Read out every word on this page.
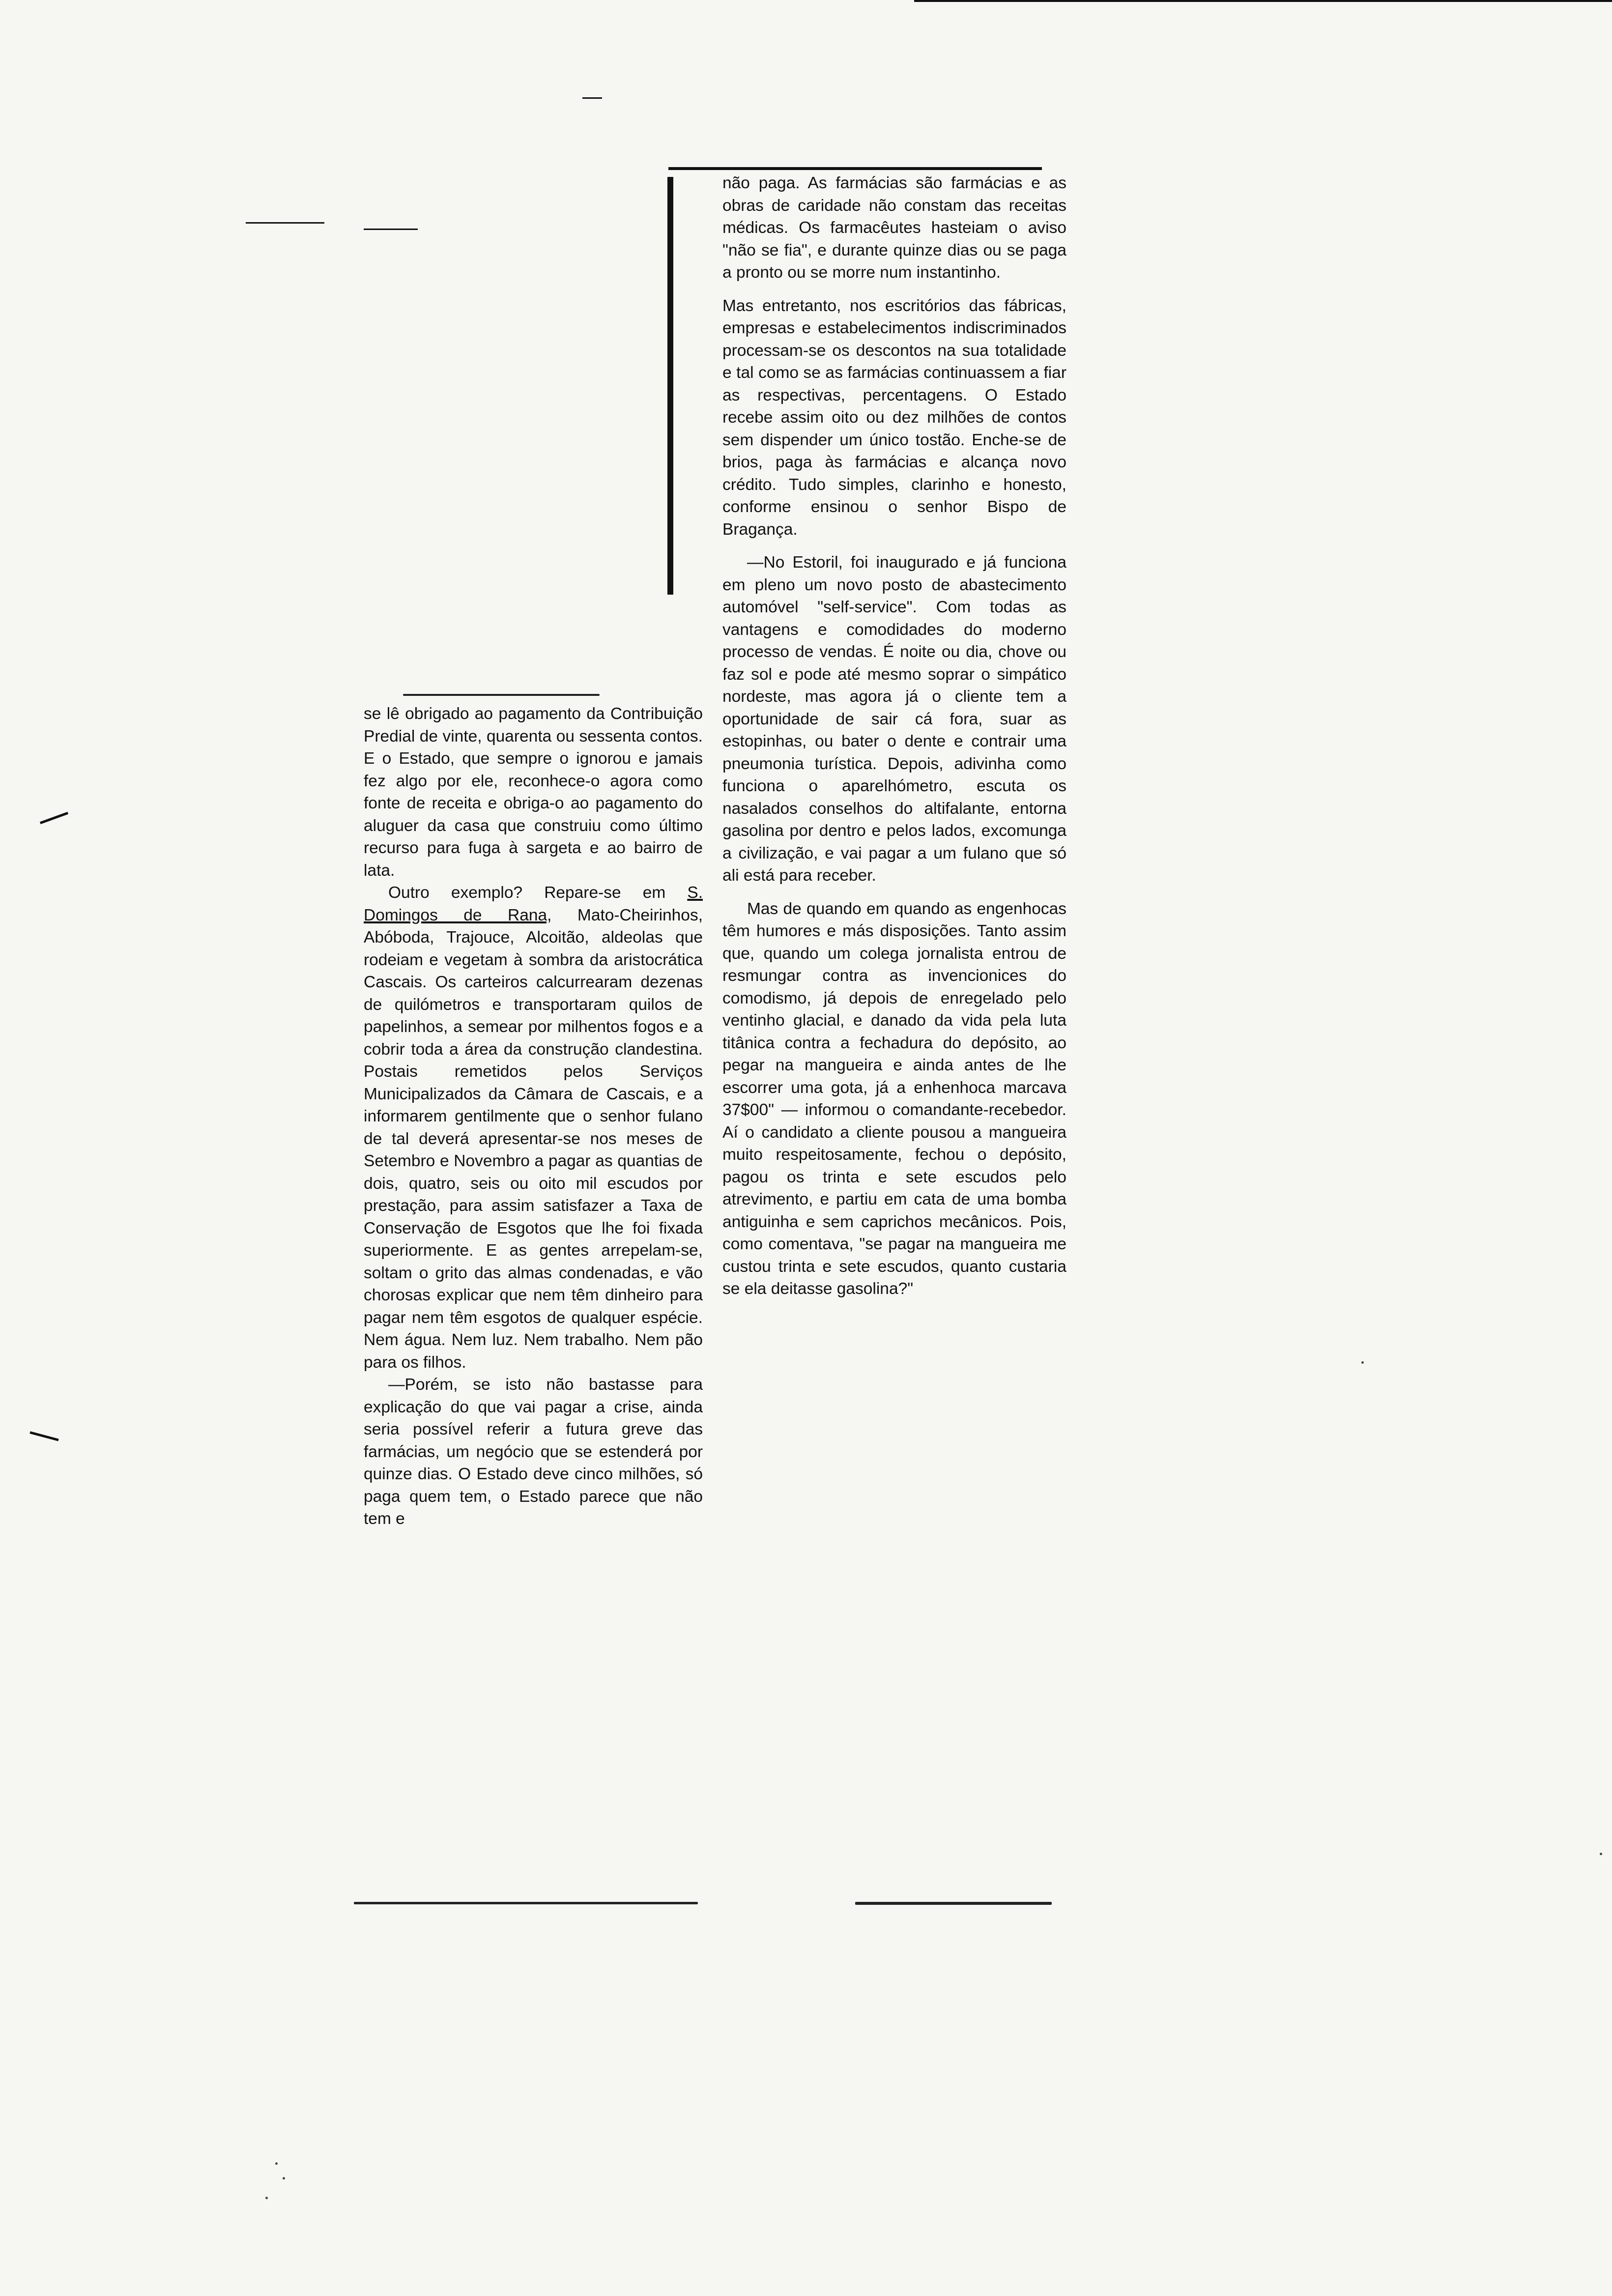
não paga. As farmácias são farmácias e as obras de caridade não constam das receitas médicas. Os farmacêutes hasteiam o aviso "não se fia", e durante quinze dias ou se paga a pronto ou se morre num instantinho.

Mas entretanto, nos escritórios das fábricas, empresas e estabelecimentos indiscriminados processam-se os descontos na sua totalidade e tal como se as farmácias continuassem a fiar as respectivas, percentagens. O Estado recebe assim oito ou dez milhões de contos sem dispender um único tostão. Enche-se de brios, paga às farmácias e alcança novo crédito. Tudo simples, clarinho e honesto, conforme ensinou o senhor Bispo de Bragança.

—No Estoril, foi inaugurado e já funciona em pleno um novo posto de abastecimento automóvel "self-service". Com todas as vantagens e comodidades do moderno processo de vendas. É noite ou dia, chove ou faz sol e pode até mesmo soprar o simpático nordeste, mas agora já o cliente tem a oportunidade de sair cá fora, suar as estopinhas, ou bater o dente e contrair uma pneumonia turística. Depois, adivinha como funciona o aparelhómetro, escuta os nasalados conselhos do altifalante, entorna gasolina por dentro e pelos lados, excomunga a civilização, e vai pagar a um fulano que só ali está para receber.

Mas de quando em quando as engenhocas têm humores e más disposições. Tanto assim que, quando um colega jornalista entrou de resmungar contra as invencionices do comodismo, já depois de enregelado pelo ventinho glacial, e danado da vida pela luta titânica contra a fechadura do depósito, ao pegar na mangueira e ainda antes de lhe escorrer uma gota, já a enhenhoca marcava 37$00" — informou o comandante-recebedor. Aí o candidato a cliente pousou a mangueira muito respeitosamente, fechou o depósito, pagou os trinta e sete escudos pelo atrevimento, e partiu em cata de uma bomba antiguinha e sem caprichos mecânicos. Pois, como comentava, "se pagar na mangueira me custou trinta e sete escudos, quanto custaria se ela deitasse gasolina?"

se lê obrigado ao pagamento da Contribuição Predial de vinte, quarenta ou sessenta contos. E o Estado, que sempre o ignorou e jamais fez algo por ele, reconhece-o agora como fonte de receita e obriga-o ao pagamento do aluguer da casa que construiu como último recurso para fuga à sargeta e ao bairro de lata.

Outro exemplo? Repare-se em S. Domingos de Rana, Mato-Cheirinhos, Abóboda, Trajouce, Alcoitão, aldeolas que rodeiam e vegetam à sombra da aristocrática Cascais. Os carteiros calcurrearam dezenas de quilómetros e transportaram quilos de papelinhos, a semear por milhentos fogos e a cobrir toda a área da construção clandestina. Postais remetidos pelos Serviços Municipalizados da Câmara de Cascais, e a informarem gentilmente que o senhor fulano de tal deverá apresentar-se nos meses de Setembro e Novembro a pagar as quantias de dois, quatro, seis ou oito mil escudos por prestação, para assim satisfazer a Taxa de Conservação de Esgotos que lhe foi fixada superiormente. E as gentes arrepelam-se, soltam o grito das almas condenadas, e vão chorosas explicar que nem têm dinheiro para pagar nem têm esgotos de qualquer espécie. Nem água. Nem luz. Nem trabalho. Nem pão para os filhos.

—Porém, se isto não bastasse para explicação do que vai pagar a crise, ainda seria possível referir a futura greve das farmácias, um negócio que se estenderá por quinze dias. O Estado deve cinco milhões, só paga quem tem, o Estado parece que não tem e
